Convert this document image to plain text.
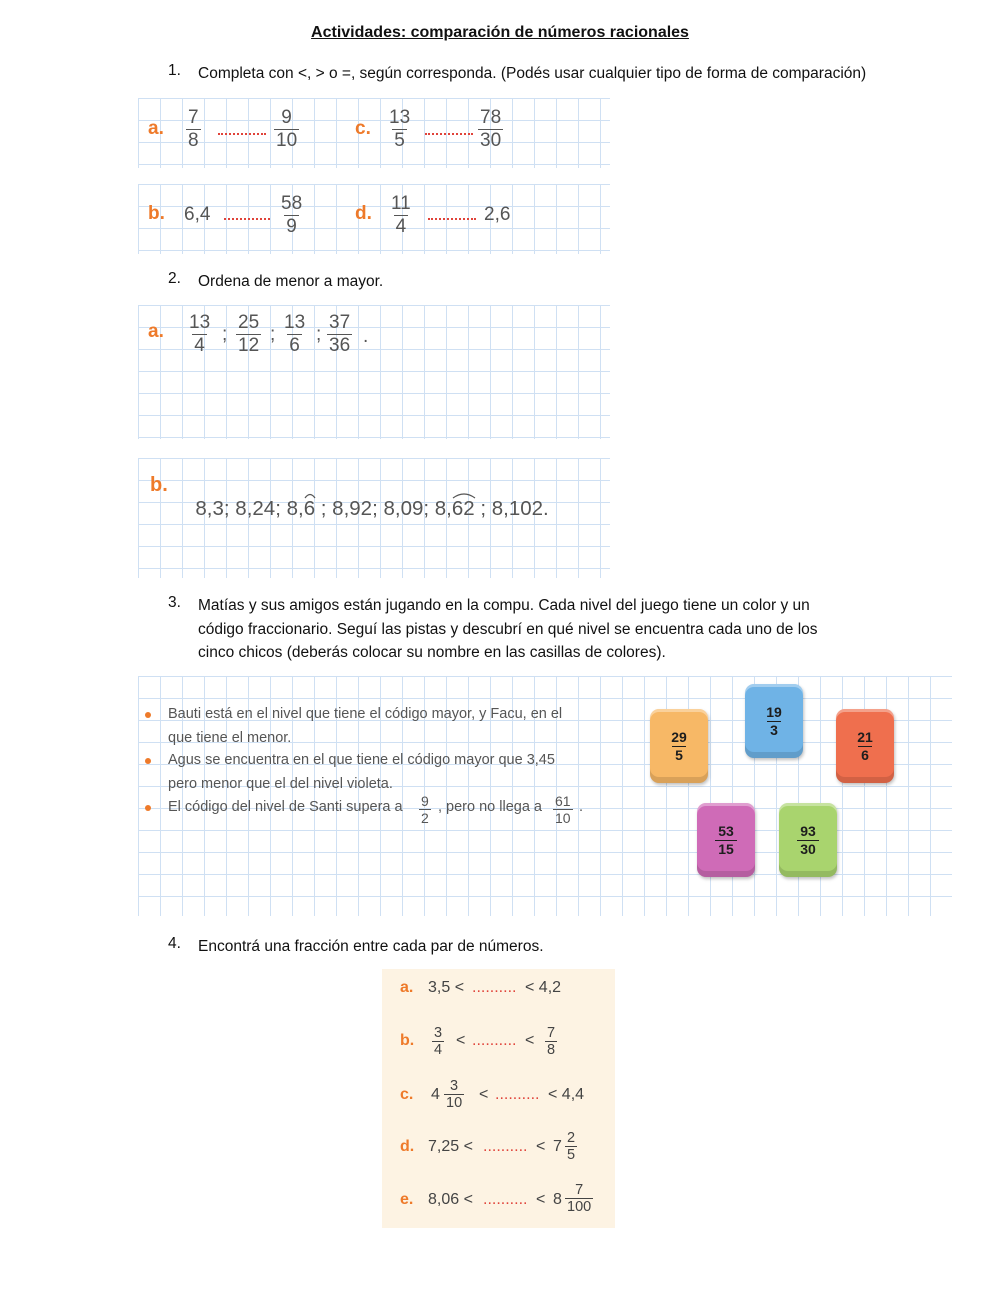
Actividades: comparación de números racionales
1. Completa con <, > o =, según corresponda. (Podés usar cualquier tipo de forma de comparación)
a. $\frac{7}{8}$	$\frac{9}{10}$	c. $\frac{13}{5}$	$\frac{78}{30}$
b. 6,4	$\frac{58}{9}$	d. $\frac{11}{4}$	2,6
2. Ordena de menor a mayor.
a. $\frac{13}{4}$ ; $\frac{25}{12}$ ; $\frac{13}{6}$ ; $\frac{37}{36}$ .
b.

8,3; 8,24; 8,6
; 8,92; 8,09; 8,62
; 8,102.

3. Matías y sus amigos están jugando en la compu. Cada nivel del juego tiene un color y un
código fraccionario. Seguí las pistas y descubrí en qué nivel se encuentra cada uno de los
cinco chicos (deberás colocar su nombre en las casillas de colores).
Bauti está en el nivel que tiene el código mayor, y Facu, en el
que tiene el menor.
Agus se encuentra en el que tiene el código mayor que 3,45
pero menor que el del nivel violeta.
El código del nivel de Santi supera a $\frac{9}{2}$ , pero no llega a $\frac{61}{10}$ .
$\frac{29}{5}$
$\frac{19}{3}$
$\frac{21}{6}$
$\frac{53}{15}$	$\frac{93}{30}$
4. Encontrá una fracción entre cada par de números.
a. 3,5 < .......... < 4,2
b. $\frac{3}{4}$ < .......... < $\frac{7}{8}$
c. $4 \frac{3}{10}$ < .......... < 4,4
d. 7,25 < .......... < $7 \frac{2}{5}$
e. 8,06 < .......... < $8 \frac{7}{100}$
